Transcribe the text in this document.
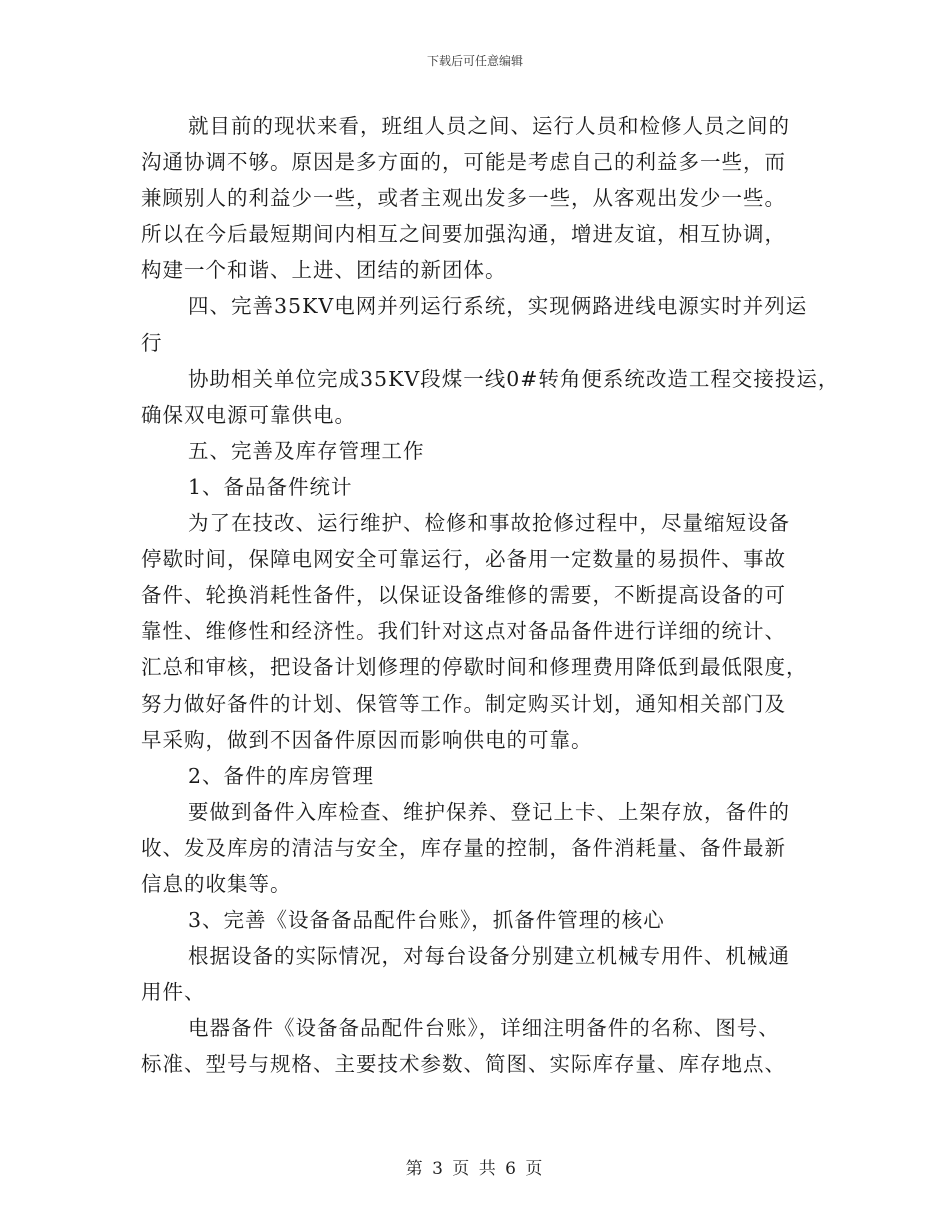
下载后可任意编辑

就目前的现状来看，班组人员之间、运行人员和检修人员之间的

沟通协调不够。原因是多方面的，可能是考虑自己的利益多一些，而

兼顾别人的利益少一些，或者主观出发多一些，从客观出发少一些。

所以在今后最短期间内相互之间要加强沟通，增进友谊，相互协调，

构建一个和谐、上进、团结的新团体。

四、完善35KV电网并列运行系统，实现俩路进线电源实时并列运

行

协助相关单位完成35KV段煤一线0#转角便系统改造工程交接投运，

确保双电源可靠供电。

五、完善及库存管理工作

1、备品备件统计

为了在技改、运行维护、检修和事故抢修过程中，尽量缩短设备

停歇时间，保障电网安全可靠运行，必备用一定数量的易损件、事故

备件、轮换消耗性备件，以保证设备维修的需要，不断提高设备的可

靠性、维修性和经济性。我们针对这点对备品备件进行详细的统计、

汇总和审核，把设备计划修理的停歇时间和修理费用降低到最低限度，

努力做好备件的计划、保管等工作。制定购买计划，通知相关部门及

早采购，做到不因备件原因而影响供电的可靠。

2、备件的库房管理

要做到备件入库检查、维护保养、登记上卡、上架存放，备件的

收、发及库房的清洁与安全，库存量的控制，备件消耗量、备件最新

信息的收集等。

3、完善《设备备品配件台账》，抓备件管理的核心

根据设备的实际情况，对每台设备分别建立机械专用件、机械通

用件、

电器备件《设备备品配件台账》，详细注明备件的名称、图号、

标准、型号与规格、主要技术参数、简图、实际库存量、库存地点、

第 3 页 共 6 页
